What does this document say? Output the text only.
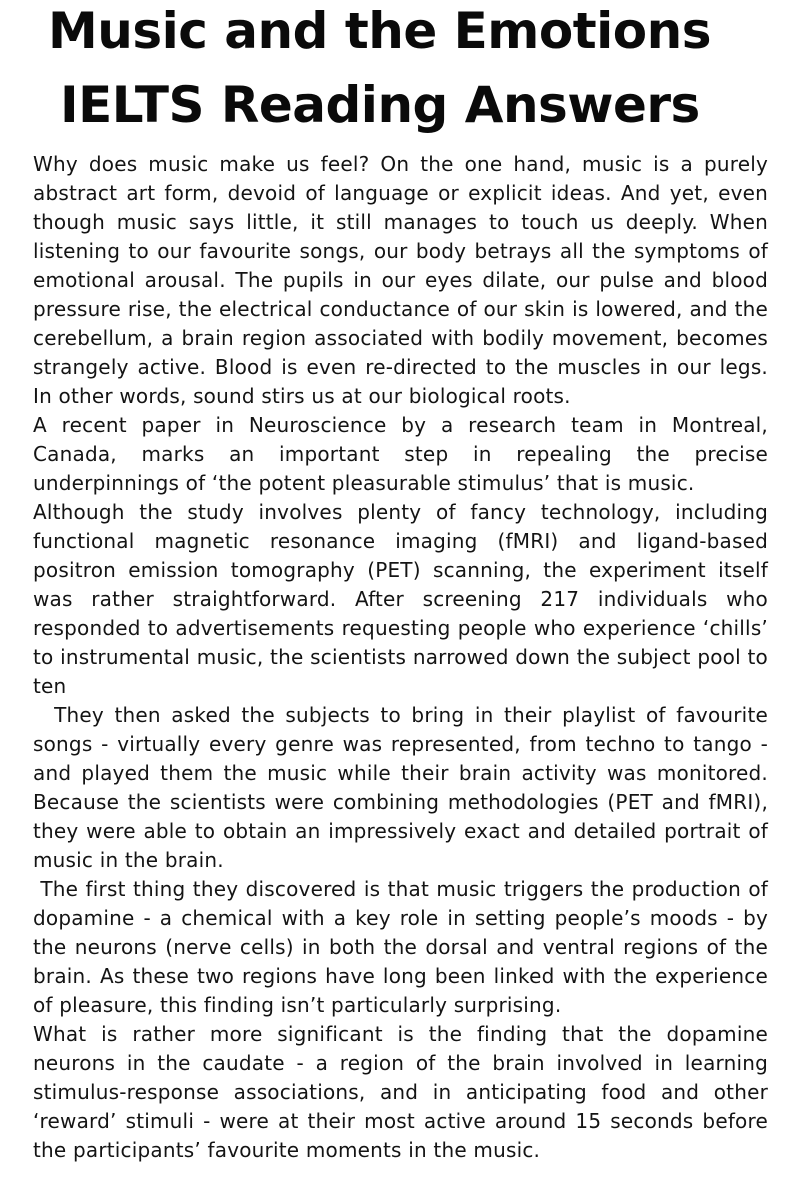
Music and the Emotions
IELTS Reading Answers

Why does music make us feel? On the one hand, music is a purely abstract art form, devoid of language or explicit ideas. And yet, even though music says little, it still manages to touch us deeply. When listening to our favourite songs, our body betrays all the symptoms of emotional arousal. The pupils in our eyes dilate, our pulse and blood pressure rise, the electrical conductance of our skin is lowered, and the cerebellum, a brain region associated with bodily movement, becomes strangely active. Blood is even re-directed to the muscles in our legs. In other words, sound stirs us at our biological roots.

A recent paper in Neuroscience by a research team in Montreal, Canada, marks an important step in repealing the precise underpinnings of ‘the potent pleasurable stimulus’ that is music.

Although the study involves plenty of fancy technology, including functional magnetic resonance imaging (fMRI) and ligand-based positron emission tomography (PET) scanning, the experiment itself was rather straightforward. After screening 217 individuals who responded to advertisements requesting people who experience ‘chills’ to instrumental music, the scientists narrowed down the subject pool to ten

They then asked the subjects to bring in their playlist of favourite songs - virtually every genre was represented, from techno to tango - and played them the music while their brain activity was monitored. Because the scientists were combining methodologies (PET and fMRI), they were able to obtain an impressively exact and detailed portrait of music in the brain.

The first thing they discovered is that music triggers the production of dopamine - a chemical with a key role in setting people’s moods - by the neurons (nerve cells) in both the dorsal and ventral regions of the brain. As these two regions have long been linked with the experience of pleasure, this finding isn’t particularly surprising.

What is rather more significant is the finding that the dopamine neurons in the caudate - a region of the brain involved in learning stimulus-response associations, and in anticipating food and other ‘reward’ stimuli - were at their most active around 15 seconds before the participants’ favourite moments in the music.
